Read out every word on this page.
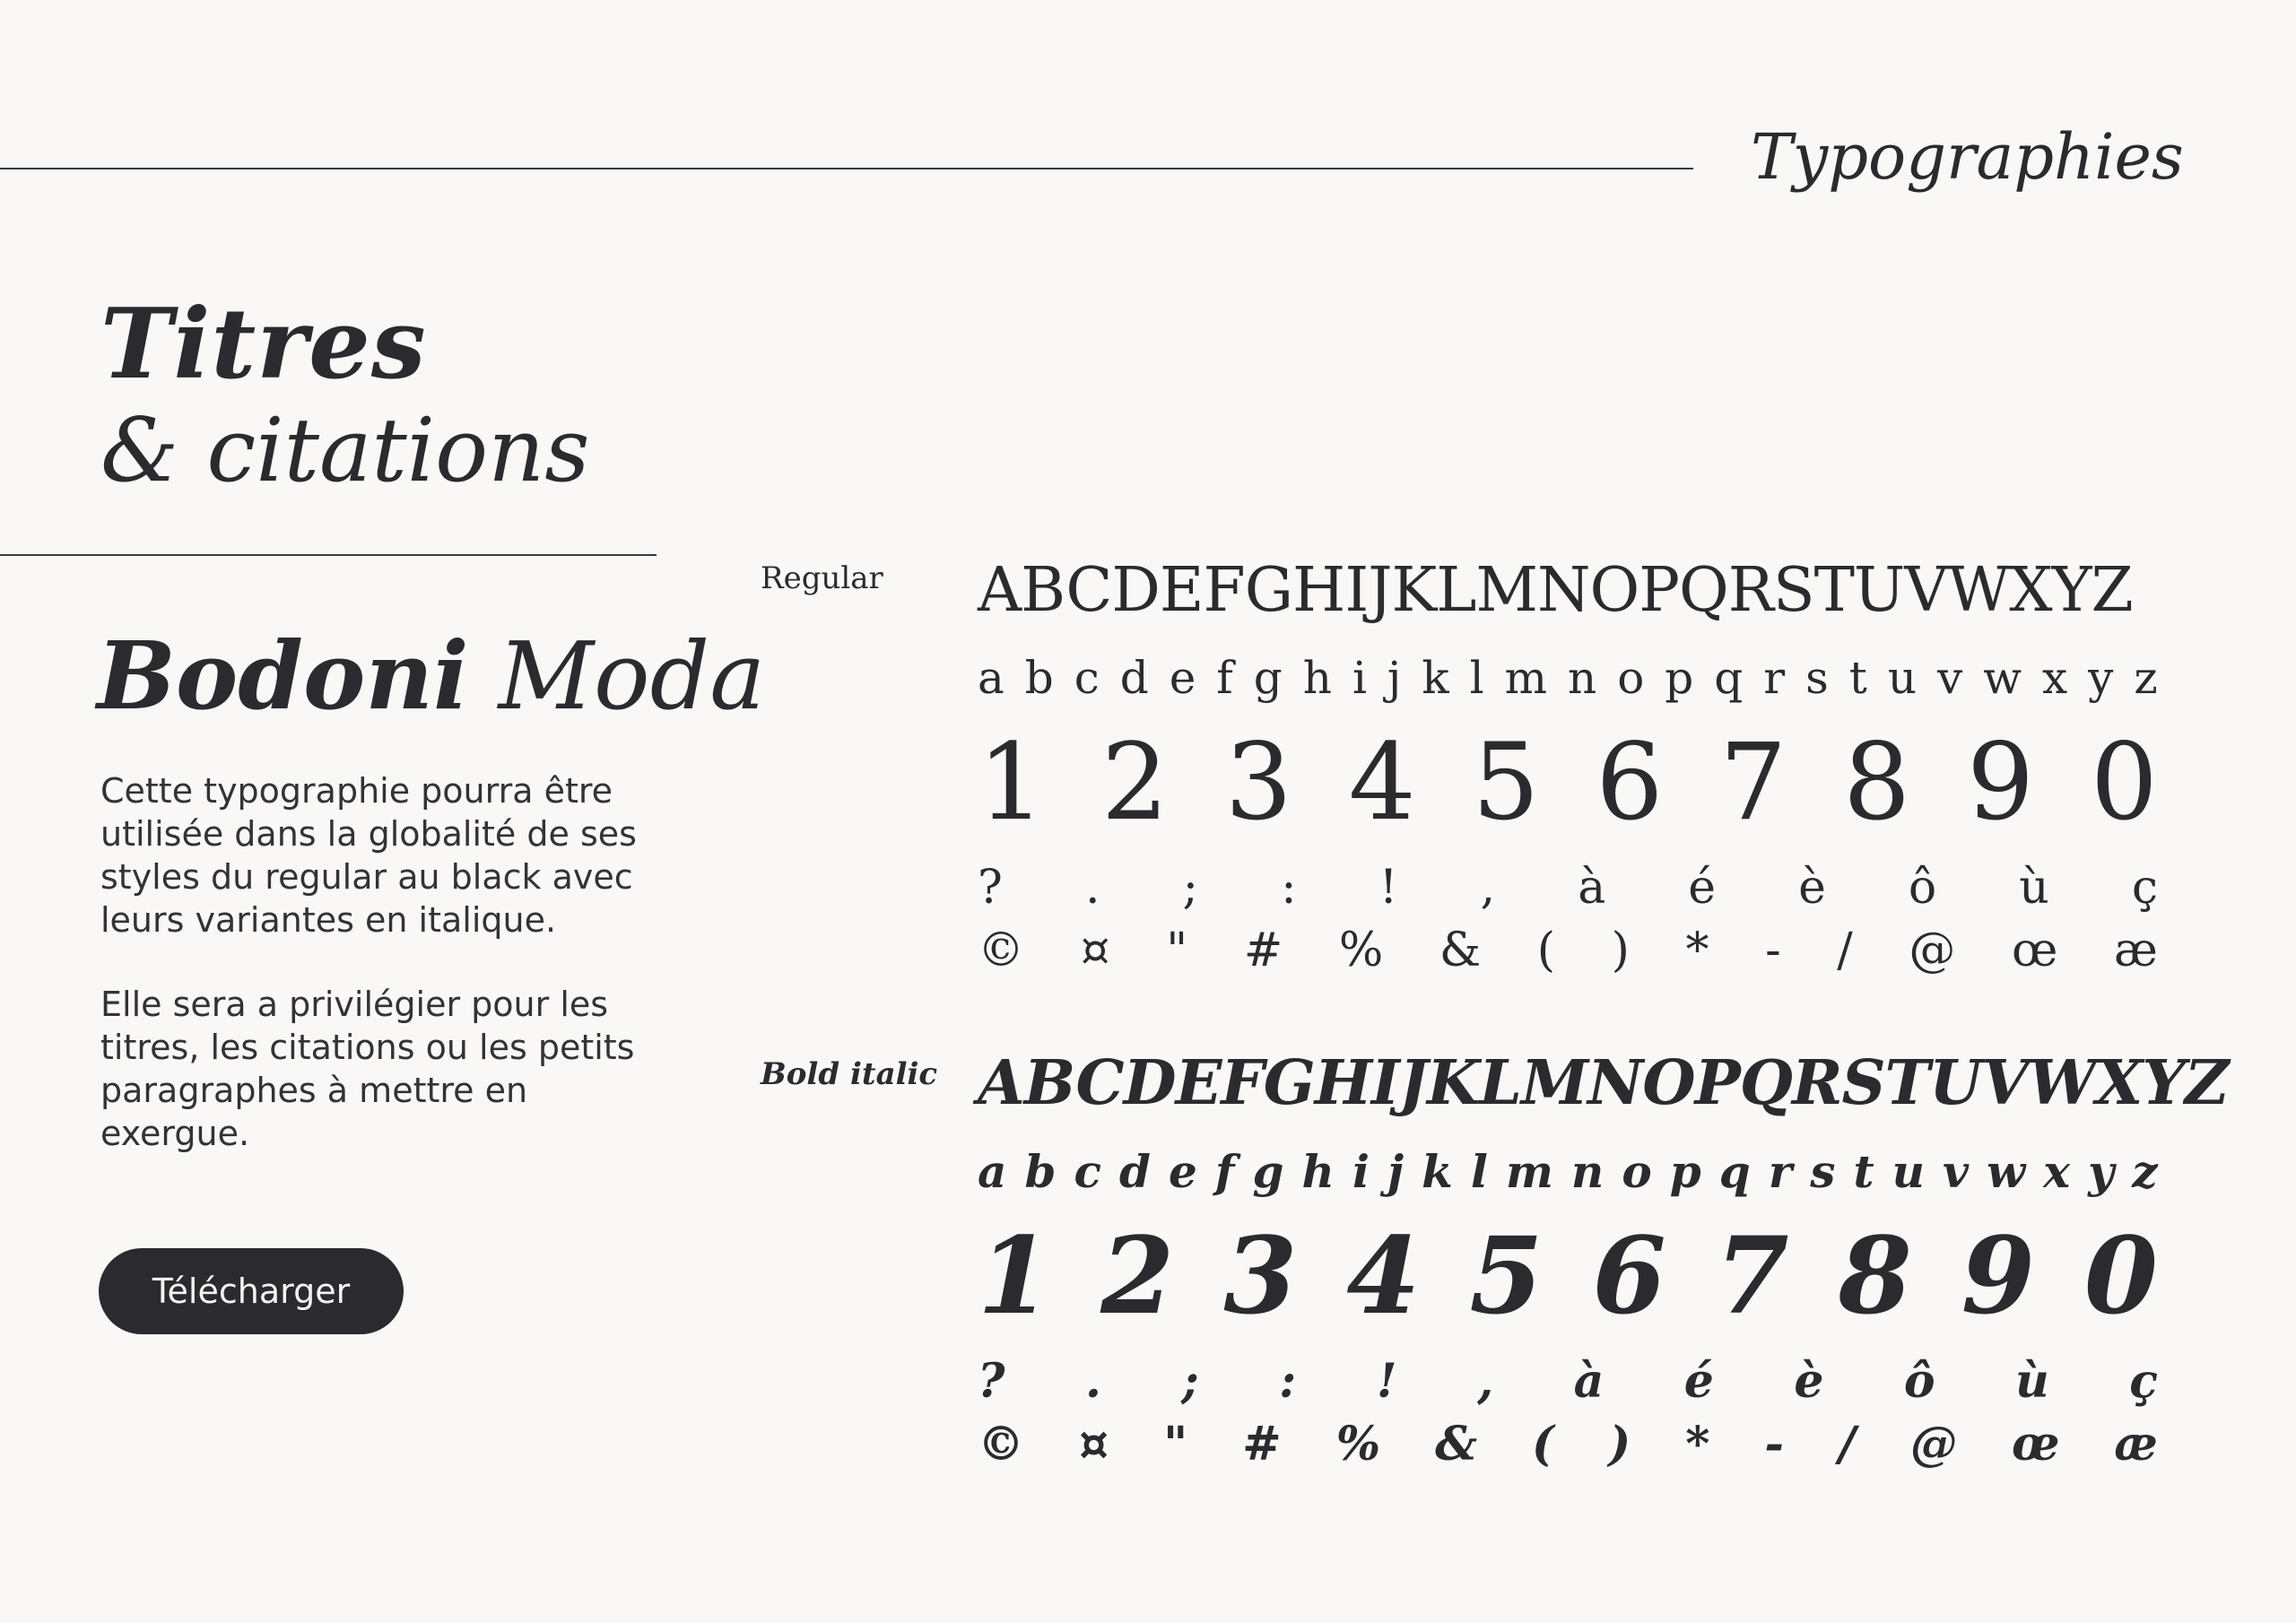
Typographies
Titres
& citations
Bodoni Moda

Cette typographie pourra être utilisée dans la globalité de ses styles du regular au black avec leurs variantes en italique.

Elle sera a privilégier pour les titres, les citations ou les petits paragraphes à mettre en exergue.

Télécharger
Regular
Bold italic
ABCDEFGHIJKLMNOPQRSTUVWXYZ
a b c d e f g h i j k l m n o p q r s t u v w x y z
1 2 3 4 5 6 7 8 9 0
? . ; : ! , à é è ô ù ç
© ¤ " # % & ( ) * - / @ œ æ
ABCDEFGHIJKLMNOPQRSTUVWXYZ
a b c d e f g h i j k l m n o p q r s t u v w x y z
1 2 3 4 5 6 7 8 9 0
? . ; : ! , à é è ô ù ç
© ¤ " # % & ( ) * - / @ œ æ
